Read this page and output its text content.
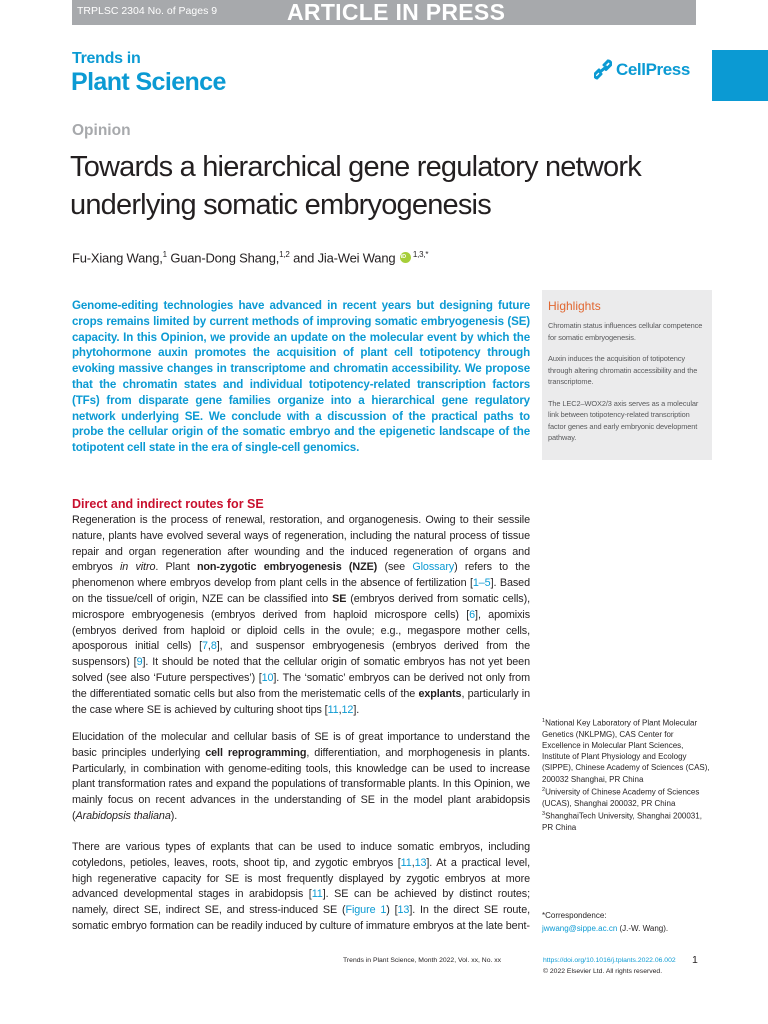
TRPLSC 2304 No. of Pages 9	ARTICLE IN PRESS
Trends in
Plant Science	CellPress
Opinion
Towards a hierarchical gene regulatory network underlying somatic embryogenesis
Fu-Xiang Wang,$^1$ Guan-Dong Shang,$^{1,2}$ and Jia-Wei Wang iD $^{1,3,*}$

Genome-editing technologies have advanced in recent years but designing future crops remains limited by current methods of improving somatic embryogenesis (SE) capacity. In this Opinion, we provide an update on the molecular event by which the phytohormone auxin promotes the acquisition of plant cell totipotency through evoking massive changes in transcriptome and chromatin accessibility. We propose that the chromatin states and individual totipotency-related transcription factors (TFs) from disparate gene families organize into a hierarchical gene regulatory network underlying SE. We conclude with a discussion of the practical paths to probe the cellular origin of the somatic embryo and the epigenetic landscape of the totipotent cell state in the era of single-cell genomics.

Highlights

Chromatin status influences cellular competence for somatic embryogenesis.

Auxin induces the acquisition of totipotency through altering chromatin accessibility and the transcriptome.

The LEC2–WOX2/3 axis serves as a molecular link between totipotency-related transcription factor genes and early embryonic development pathway.

Direct and indirect routes for SE

Regeneration is the process of renewal, restoration, and organogenesis. Owing to their sessile nature, plants have evolved several ways of regeneration, including the natural process of tissue repair and organ regeneration after wounding and the induced regeneration of organs and embryos in vitro. Plant non-zygotic embryogenesis (NZE) (see Glossary) refers to the phenomenon where embryos develop from plant cells in the absence of fertilization [1–5]. Based on the tissue/cell of origin, NZE can be classified into SE (embryos derived from somatic cells), microspore embryogenesis (embryos derived from haploid microspore cells) [6], apomixis (embryos derived from haploid or diploid cells in the ovule; e.g., megaspore mother cells, aposporous initial cells) [7,8], and suspensor embryogenesis (embryos derived from the suspensors) [9]. It should be noted that the cellular origin of somatic embryos has not yet been solved (see also ‘Future perspectives’) [10]. The ‘somatic’ embryos can be derived not only from the differentiated somatic cells but also from the meristematic cells of the explants, particularly in the case where SE is achieved by culturing shoot tips [11,12].

Elucidation of the molecular and cellular basis of SE is of great importance to understand the basic principles underlying cell reprogramming, differentiation, and morphogenesis in plants. Particularly, in combination with genome-editing tools, this knowledge can be used to increase plant transformation rates and expand the populations of transformable plants. In this Opinion, we mainly focus on recent advances in the understanding of SE in the model plant arabidopsis (Arabidopsis thaliana).

There are various types of explants that can be used to induce somatic embryos, including cotyledons, petioles, leaves, roots, shoot tip, and zygotic embryos [11,13]. At a practical level, high regenerative capacity for SE is most frequently displayed by zygotic embryos at more advanced developmental stages in arabidopsis [11]. SE can be achieved by distinct routes; namely, direct SE, indirect SE, and stress-induced SE (Figure 1) [13]. In the direct SE route, somatic embryo formation can be readily induced by culture of immature embryos at the late bent-

$^1$National Key Laboratory of Plant Molecular Genetics (NKLPMG), CAS Center for Excellence in Molecular Plant Sciences, Institute of Plant Physiology and Ecology (SIPPE), Chinese Academy of Sciences (CAS), 200032 Shanghai, PR China
$^2$University of Chinese Academy of Sciences (UCAS), Shanghai 200032, PR China
$^3$ShanghaiTech University, Shanghai 200031, PR China
*Correspondence:
jwwang@sippe.ac.cn (J.-W. Wang).
Trends in Plant Science, Month 2022, Vol. xx, No. xx	https://doi.org/10.1016/j.tplants.2022.06.002 1
© 2022 Elsevier Ltd. All rights reserved.
